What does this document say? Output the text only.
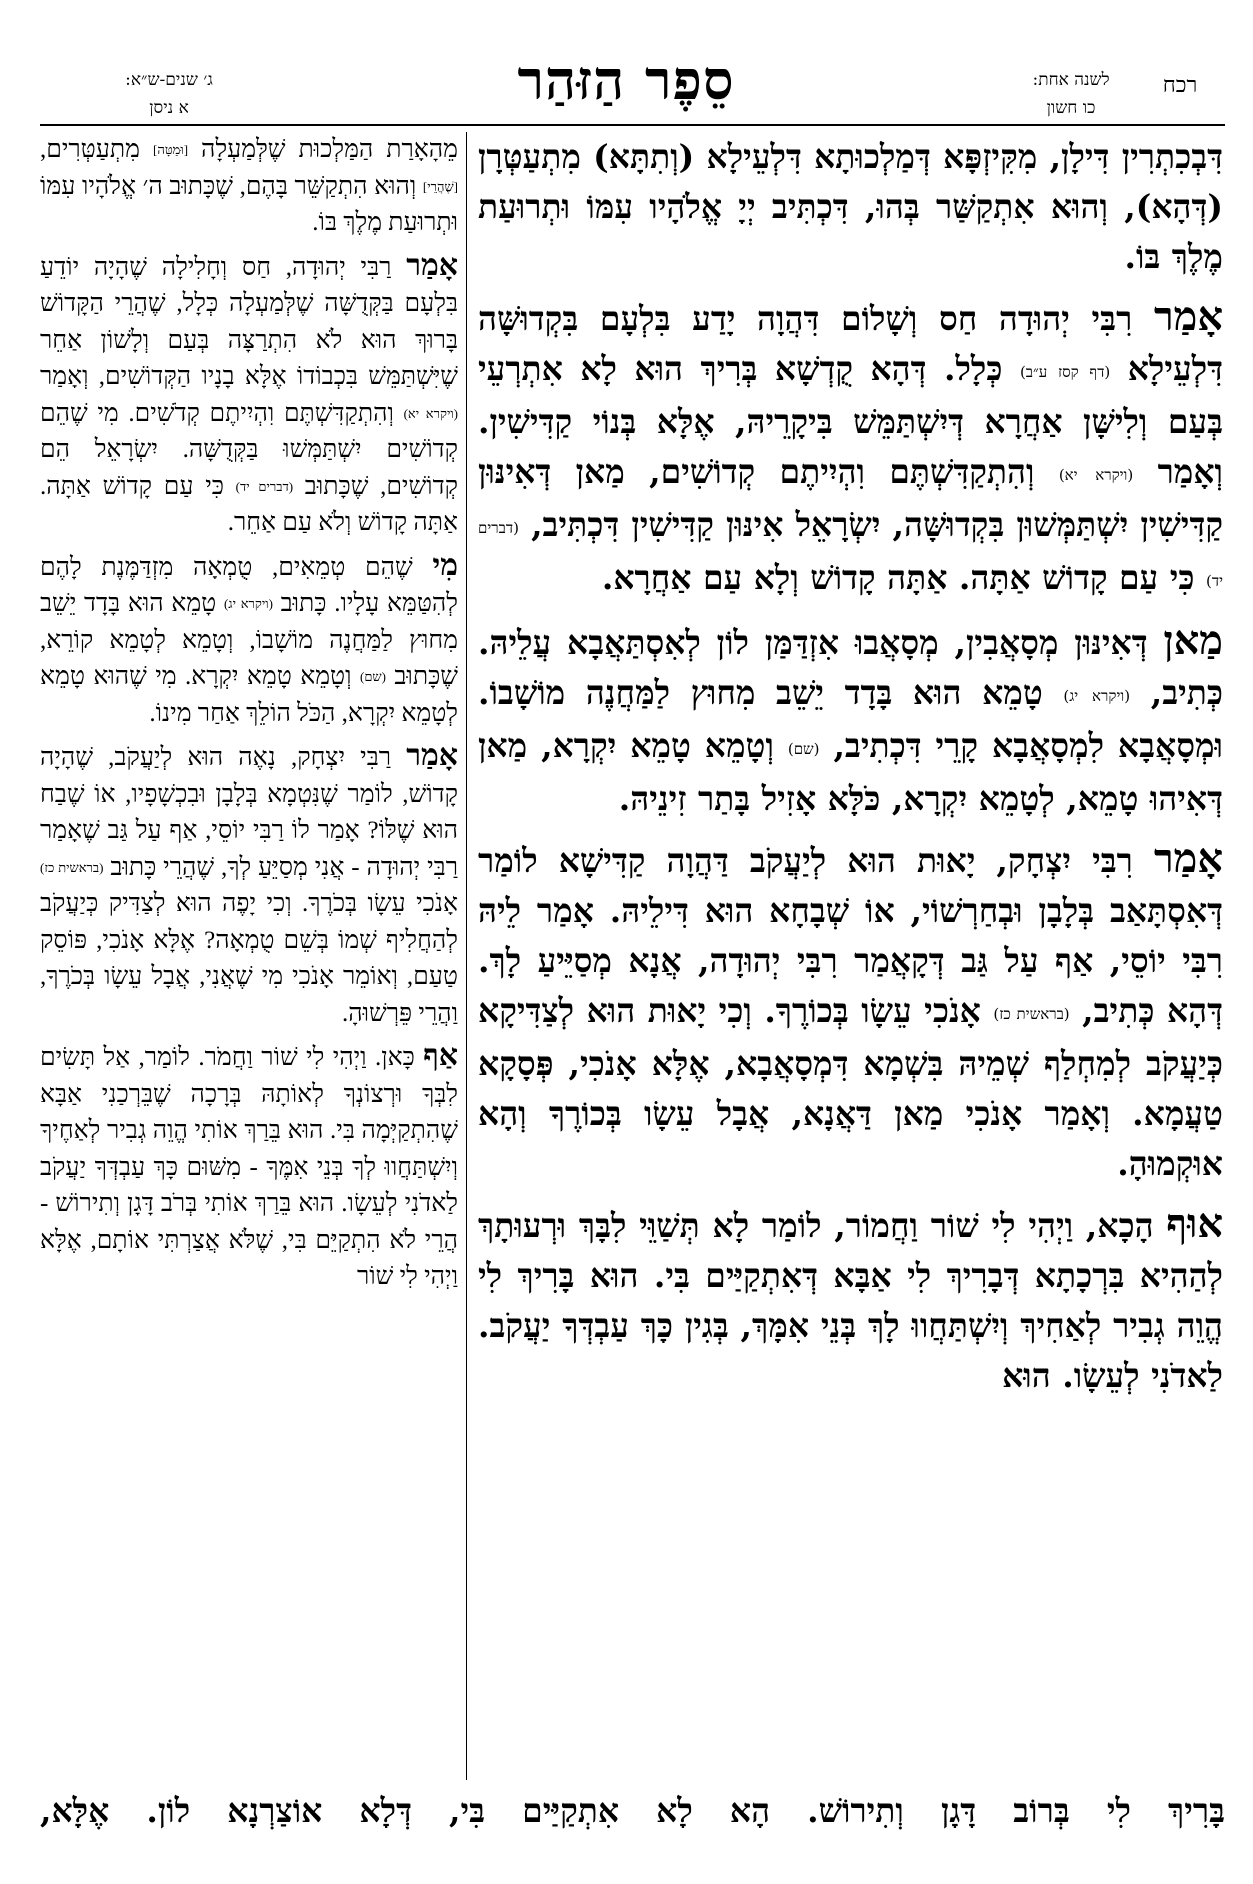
רכח
לשנה אחת:
כו חשון
סֵפֶר הַזּהַר
ג׳ שנים-ש״א:
א ניסן

דִּבְכִתְרִין דִּילָן, מִקִּיזְפָּא דְּמַלְכוּתָא דִּלְעֵילָא (וְתִתָּא) מִתְעַטְּרָן (דְּהָא), וְהוּא אִתְקַשַּׁר בְּהוּ, דִּכְתִּיב יְיָ אֱלֹהָיו עִמּוֹ וּתְרוּעַת מֶלֶךְ בּוֹ.

אָמַר רִבִּי יְהוּדָה חַס וְשָׁלוֹם דִּהֲוָה יָדַע בִּלְעָם בִּקְדוּשָּׁה דִּלְעֵילָא (דף קסז ע״ב) כְּלָל. דְּהָא קֻדְשָׁא בְּרִיךְ הוּא לָא אִתְרְעֵי בְּעַם וְלִישָּׁן אַחֲרָא דְּיִשְׁתַּמֵּשׁ בִּיקָרֵיהּ, אֶלָּא בְּנוֹי קַדִּישִׁין. וְאָמַר (ויקרא יא) וְהִתְקַדִּשְׁתֶּם וִהְיִיתֶם קְדוֹשִׁים, מַאן דְּאִינּוּן קַדִּישִׁין יִשְׁתַּמְּשׁוּן בִּקְדוּשָּׁה, יִשְׂרָאֵל אִינּוּן קַדִּישִׁין דִּכְתִּיב, (דברים יד) כִּי עַם קָדוֹשׁ אַתָּה. אַתָּה קָדוֹשׁ וְלָא עַם אַחֲרָא.

מַאן דְּאִינּוּן מְסָאֲבִין, מְסָאֲבוּ אִזְדַּמַּן לוֹן לְאִסְתַּאֲבָא עֲלֵיהּ. כְּתִיב, (ויקרא יג) טָמֵא הוּא בָּדָד יֵשֵׁב מִחוּץ לַמַּחֲנֶה מוֹשָׁבוֹ. וּמְסָאֲבָא לִמְסָאֲבָא קָרֵי דִּכְתִיב, (שם) וְטָמֵא טָמֵא יִקְרָא, מַאן דְּאִיהוּ טָמֵא, לְטָמֵא יִקְרָא, כֹּלָּא אָזִיל בָּתַר זִינֵיהּ.

אָמַר רִבִּי יִצְחָק, יָאוּת הוּא לְיַעֲקֹב דַּהֲוָה קַדִּישָׁא לוֹמַר דְּאִסְתָּאַב בְּלָבָן וּבְחַרְשׁוֹי, אוֹ שְׁבָחָא הוּא דִּילֵיהּ. אָמַר לֵיהּ רִבִּי יוֹסֵי, אַף עַל גַּב דְּקָאֲמַר רִבִּי יְהוּדָה, אֲנָא מְסַיֵּיעַ לָךְ. דְּהָא כְּתִיב, (בראשית כז) אָנֹכִי עֵשָׂו בְּכוֹרֶךָ. וְכִי יָאוּת הוּא לְצַדִּיקָא כְּיַעֲקֹב לְמִחְלַף שְׁמֵיהּ בִּשְׁמָא דִּמְסָאֲבָא, אֶלָּא אָנֹכִי, פְּסָקָא טַעֲמָא. וְאָמַר אָנֹכִי מַאן דַּאֲנָא, אֲבָל עֵשָׂו בְּכוֹרֶךָ וְהָא אוּקְמוּהָ.

אוּף הָכָא, וַיְהִי לִי שׁוֹר וַחֲמוֹר, לוֹמַר לָא תְּשַׁוֵּי לִבָּךְ וּרְעוּתָךְ לְהַהִיא בִּרְכָתָא דְּבָרִיךְ לִי אַבָּא דְּאִתְקַיַּים בִּי. הוּא בָּרִיךְ לִי הֱוֵה גְבִיר לְאַחִיךְ וְיִשְׁתַּחֲווּ לָךְ בְּנֵי אִמָּךְ, בְּגִין כָּךְ עַבְדְּךָ יַעֲקֹב. לַאדֹנִי לְעֵשָׂו. הוּא

מֵהָאָרַת הַמַּלְכוּת שֶׁלְּמַעְלָה [וּמַטָּה] מִתְעַטְּרִים, [שֶׁהֲרֵי] וְהוּא הִתְקַשֵּׁר בָּהֶם, שֶׁכָּתוּב ה׳ אֱלֹהָיו עִמּוֹ וּתְרוּעַת מֶלֶךְ בּוֹ.

אָמַר רַבִּי יְהוּדָה, חַס וְחָלִילָה שֶׁהָיָה יוֹדֵעַ בִּלְעָם בַּקְּדֻשָּׁה שֶׁלְּמַעְלָה כְּלָל, שֶׁהֲרֵי הַקָּדוֹשׁ בָּרוּךְ הוּא לֹא הִתְרַצָּה בְּעַם וְלָשׁוֹן אַחֵר שֶׁיִּשְׁתַּמֵּשׁ בִּכְבוֹדוֹ אֶלָּא בָנָיו הַקְּדוֹשִׁים, וְאָמַר (ויקרא יא) וְהִתְקַדִּשְׁתֶּם וִהְיִיתֶם קְדֹשִׁים. מִי שֶׁהֵם קְדוֹשִׁים יִשְׁתַּמְּשׁוּ בַּקְּדֻשָּׁה. יִשְׂרָאֵל הֵם קְדוֹשִׁים, שֶׁכָּתוּב (דברים יד) כִּי עַם קָדוֹשׁ אַתָּה. אַתָּה קָדוֹשׁ וְלֹא עַם אַחֵר.

מִי שֶׁהֵם טְמֵאִים, טֻמְאָה מִזְדַּמֶּנֶת לָהֶם לְהִטַּמֵּא עָלָיו. כָּתוּב (ויקרא יג) טָמֵא הוּא בָּדָד יֵשֵׁב מִחוּץ לַמַּחֲנֶה מוֹשָׁבוֹ, וְטָמֵא לְטָמֵא קוֹרֵא, שֶׁכָּתוּב (שם) וְטָמֵא טָמֵא יִקְרָא. מִי שֶׁהוּא טָמֵא לְטָמֵא יִקְרָא, הַכֹּל הוֹלֵךְ אַחַר מִינוֹ.

אָמַר רַבִּי יִצְחָק, נָאֶה הוּא לְיַעֲקֹב, שֶׁהָיָה קָדוֹשׁ, לוֹמַר שֶׁנִּטְמָא בְּלָבָן וּבִכְשָׁפָיו, אוֹ שֶׁבַח הוּא שֶׁלּוֹ? אָמַר לוֹ רַבִּי יוֹסֵי, אַף עַל גַּב שֶׁאָמַר רַבִּי יְהוּדָה - אֲנִי מְסַיֵּעַ לְךָ, שֶׁהֲרֵי כָּתוּב (בראשית כז) אָנֹכִי עֵשָׂו בְּכֹרֶךָ. וְכִי יָפֶה הוּא לְצַדִּיק כְּיַעֲקֹב לְהַחֲלִיף שְׁמוֹ בְּשֵׁם טֻמְאָה? אֶלָּא אָנֹכִי, פּוֹסֵק טַעַם, וְאוֹמֵר אָנֹכִי מִי שֶׁאֲנִי, אֲבָל עֵשָׂו בְּכֹרֶךָ, וַהֲרֵי פֵּרְשׁוּהָ.

אַף כָּאן. וַיְהִי לִי שׁוֹר וַחֲמֹר. לוֹמַר, אַל תָּשִׂים לִבְּךָ וּרְצוֹנְךָ לְאוֹתָהּ בְּרָכָה שֶׁבֵּרְכַנִי אַבָּא שֶׁהִתְקַיְּמָה בִּי. הוּא בֵּרַךְ אוֹתִי הֱוֵה גְבִיר לְאַחֶיךָ וְיִשְׁתַּחֲווּ לְךָ בְּנֵי אִמֶּךָ - מִשּׁוּם כָּךְ עַבְדְּךָ יַעֲקֹב לַאדֹנִי לְעֵשָׂו. הוּא בֵּרַךְ אוֹתִי בְּרֹב דָּגָן וְתִירוֹשׁ - הֲרֵי לֹא הִתְקַיֵּם בִּי, שֶׁלֹּא אֲצַרְתִּי אוֹתָם, אֶלָּא וַיְהִי לִי שׁוֹר

בָּרִיךְ לִי בְּרוֹב דָּגָן וְתִירוֹשׁ. הָא לָא אִתְקַיַּים בִּי, דְּלָא אוֹצַרְנָא לוֹן. אֶלָּא,
